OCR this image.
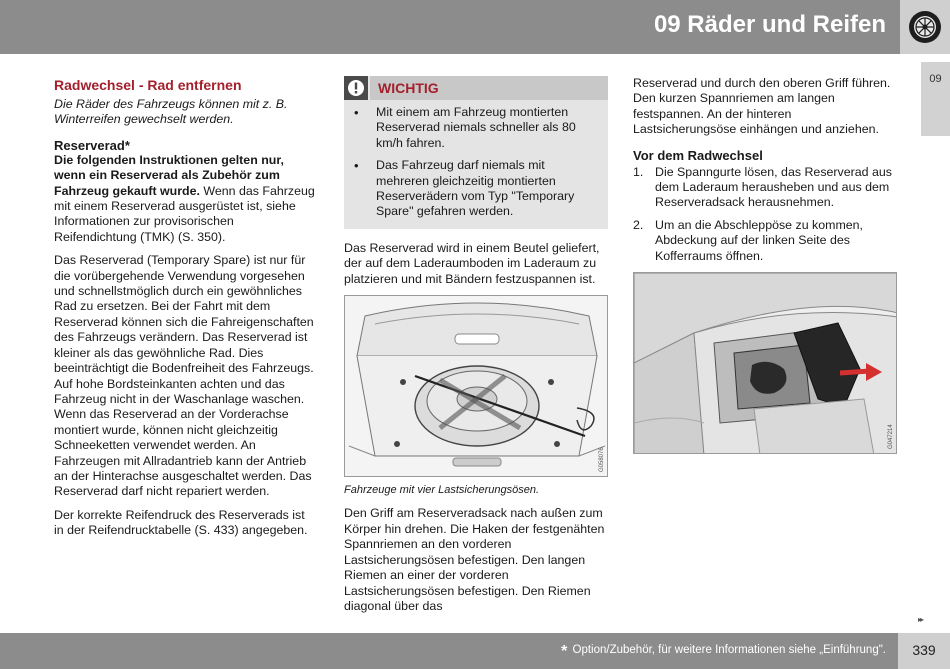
09 Räder und Reifen
09
Radwechsel - Rad entfernen

Die Räder des Fahrzeugs können mit z. B. Winterreifen gewechselt werden.

Reserverad*

Die folgenden Instruktionen gelten nur, wenn ein Reserverad als Zubehör zum Fahrzeug gekauft wurde. Wenn das Fahrzeug mit einem Reserverad ausgerüstet ist, siehe Informationen zur provisorischen Reifendichtung (TMK) (S. 350).

Das Reserverad (Temporary Spare) ist nur für die vorübergehende Verwendung vorgesehen und schnellstmöglich durch ein gewöhnliches Rad zu ersetzen. Bei der Fahrt mit dem Reserverad können sich die Fahreigenschaften des Fahrzeugs verändern. Das Reserverad ist kleiner als das gewöhnliche Rad. Dies beeinträchtigt die Bodenfreiheit des Fahrzeugs. Auf hohe Bordsteinkanten achten und das Fahrzeug nicht in der Waschanlage waschen. Wenn das Reserverad an der Vorderachse montiert wurde, können nicht gleichzeitig Schneeketten verwendet werden. An Fahrzeugen mit Allradantrieb kann der Antrieb an der Hinterachse ausgeschaltet werden. Das Reserverad darf nicht repariert werden.

Der korrekte Reifendruck des Reserverads ist in der Reifendrucktabelle (S. 433) angegeben.

WICHTIG
• Mit einem am Fahrzeug montierten Reserverad niemals schneller als 80 km/h fahren.
• Das Fahrzeug darf niemals mit mehreren gleichzeitig montierten Reserverädern vom Typ "Temporary Spare" gefahren werden.

Das Reserverad wird in einem Beutel geliefert, der auf dem Laderaumboden im Laderaum zu platzieren und mit Bändern festzuspannen ist.

G058076
Fahrzeuge mit vier Lastsicherungsösen.

Den Griff am Reserveradsack nach außen zum Körper hin drehen. Die Haken der festgenähten Spannriemen an den vorderen Lastsicherungsösen befestigen. Den langen Riemen an einer der vorderen Lastsicherungsösen befestigen. Den Riemen diagonal über das

Reserverad und durch den oberen Griff führen. Den kurzen Spannriemen am langen festspannen. An der hinteren Lastsicherungsöse einhängen und anziehen.

Vor dem Radwechsel
1. Die Spanngurte lösen, das Reserverad aus dem Laderaum herausheben und aus dem Reserveradsack herausnehmen.
2. Um an die Abschleppöse zu kommen, Abdeckung auf der linken Seite des Kofferraums öffnen.
G047214
▸▸
* Option/Zubehör, für weitere Informationen siehe „Einführung".	339
